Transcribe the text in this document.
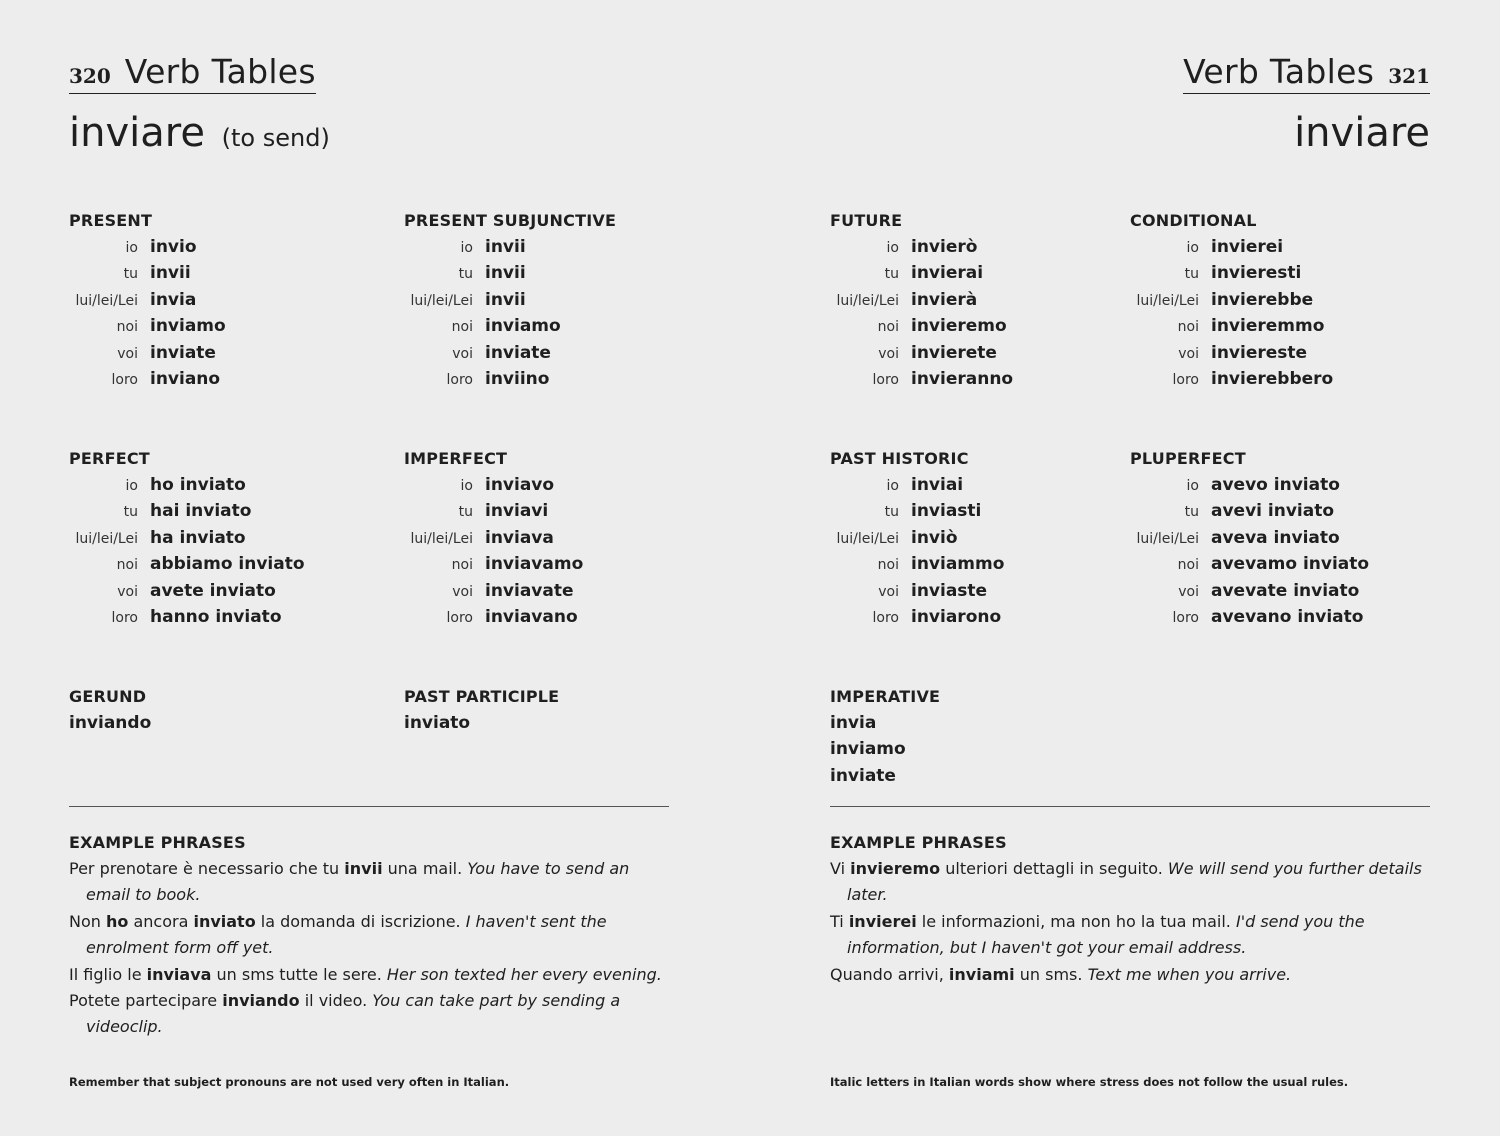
320 Verb Tables
inviare (to send)
PRESENT
io invio
tu invii
lui/lei/Lei invia
noi inviamo
voi inviate
loro inviano
PRESENT SUBJUNCTIVE
io invii
tu invii
lui/lei/Lei invii
noi inviamo
voi inviate
loro inviino
PERFECT
io ho inviato
tu hai inviato
lui/lei/Lei ha inviato
noi abbiamo inviato
voi avete inviato
loro hanno inviato
IMPERFECT
io inviavo
tu inviavi
lui/lei/Lei inviava
noi inviavamo
voi inviavate
loro inviavano
GERUND
inviando
PAST PARTICIPLE
inviato
EXAMPLE PHRASES
Per prenotare è necessario che tu invii una mail. You have to send an email to book.
Non ho ancora inviato la domanda di iscrizione. I haven't sent the enrolment form off yet.
Il figlio le inviava un sms tutte le sere. Her son texted her every evening.
Potete partecipare inviando il video. You can take part by sending a videoclip.
Remember that subject pronouns are not used very often in Italian.
Verb Tables 321
inviare
FUTURE
io invierò
tu invierai
lui/lei/Lei invierà
noi invieremo
voi invierete
loro invieranno
CONDITIONAL
io invierei
tu invieresti
lui/lei/Lei invierebbe
noi invieremmo
voi inviereste
loro invierebbero
PAST HISTORIC
io inviai
tu inviasti
lui/lei/Lei inviò
noi inviammo
voi inviaste
loro inviarono
PLUPERFECT
io avevo inviato
tu avevi inviato
lui/lei/Lei aveva inviato
noi avevamo inviato
voi avevate inviato
loro avevano inviato
IMPERATIVE
invia
inviamo
inviate
EXAMPLE PHRASES
Vi invieremo ulteriori dettagli in seguito. We will send you further details later.
Ti invierei le informazioni, ma non ho la tua mail. I'd send you the information, but I haven't got your email address.
Quando arrivi, inviami un sms. Text me when you arrive.
Italic letters in Italian words show where stress does not follow the usual rules.
